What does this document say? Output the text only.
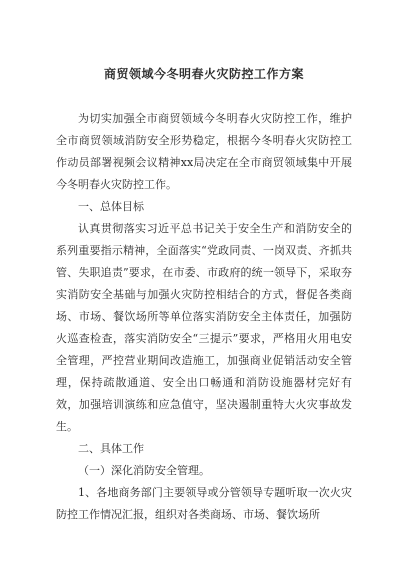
商贸领域今冬明春火灾防控工作方案

为切实加强全市商贸领域今冬明春火灾防控工作，维护全市商贸领域消防安全形势稳定，根据今冬明春火灾防控工作动员部署视频会议精神xx局决定在全市商贸领域集中开展今冬明春火灾防控工作。

一、总体目标

认真贯彻落实习近平总书记关于安全生产和消防安全的系列重要指示精神，全面落实“党政同责、一岗双责、齐抓共管、失职追责”要求，在市委、市政府的统一领导下，采取夯实消防安全基础与加强火灾防控相结合的方式，督促各类商场、市场、餐饮场所等单位落实消防安全主体责任，加强防火巡查检查，落实消防安全“三提示”要求，严格用火用电安全管理，严控营业期间改造施工，加强商业促销活动安全管理，保持疏散通道、安全出口畅通和消防设施器材完好有效，加强培训演练和应急值守，坚决遏制重特大火灾事故发生。

二、具体工作

（一）深化消防安全管理。

1、各地商务部门主要领导或分管领导专题听取一次火灾防控工作情况汇报，组织对各类商场、市场、餐饮场所
